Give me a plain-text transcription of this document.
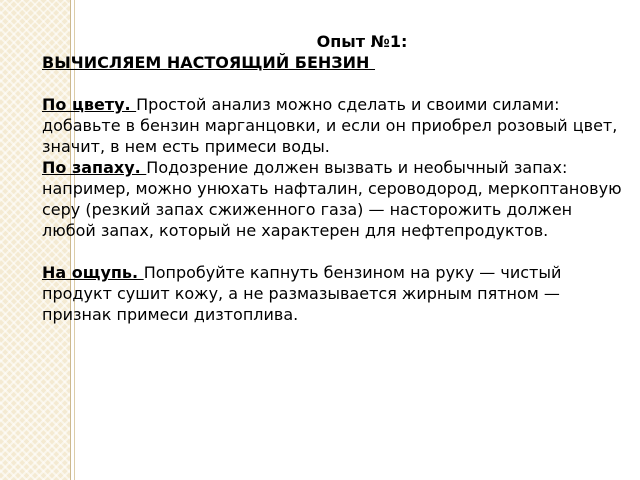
Опыт №1:

ВЫЧИСЛЯЕМ НАСТОЯЩИЙ БЕНЗИН

По цвету. Простой анализ можно сделать и своими силами: добавьте в бензин марганцовки, и если он приобрел розовый цвет, значит, в нем есть примеси воды.

По запаху. Подозрение должен вызвать и необычный запах: например, можно унюхать нафталин, сероводород, меркоптановую серу (резкий запах сжиженного газа) — насторожить должен любой запах, который не характерен для нефтепродуктов.

На ощупь. Попробуйте капнуть бензином на руку — чистый продукт сушит кожу, а не размазывается жирным пятном — признак примеси дизтоплива.
